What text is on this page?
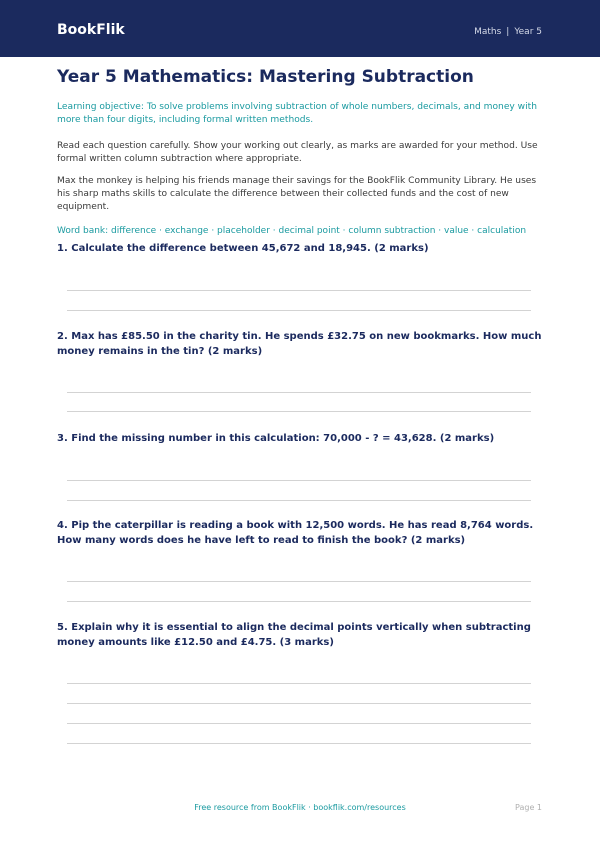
BookFlik	Maths | Year 5
Year 5 Mathematics: Mastering Subtraction
Learning objective: To solve problems involving subtraction of whole numbers, decimals, and money with more than four digits, including formal written methods.
Read each question carefully. Show your working out clearly, as marks are awarded for your method. Use formal written column subtraction where appropriate.
Max the monkey is helping his friends manage their savings for the BookFlik Community Library. He uses his sharp maths skills to calculate the difference between their collected funds and the cost of new equipment.
Word bank: difference · exchange · placeholder · decimal point · column subtraction · value · calculation
1. Calculate the difference between 45,672 and 18,945. (2 marks)
2. Max has £85.50 in the charity tin. He spends £32.75 on new bookmarks. How much money remains in the tin? (2 marks)
3. Find the missing number in this calculation: 70,000 - ? = 43,628. (2 marks)
4. Pip the caterpillar is reading a book with 12,500 words. He has read 8,764 words. How many words does he have left to read to finish the book? (2 marks)
5. Explain why it is essential to align the decimal points vertically when subtracting money amounts like £12.50 and £4.75. (3 marks)
Free resource from BookFlik · bookflik.com/resources	Page 1
